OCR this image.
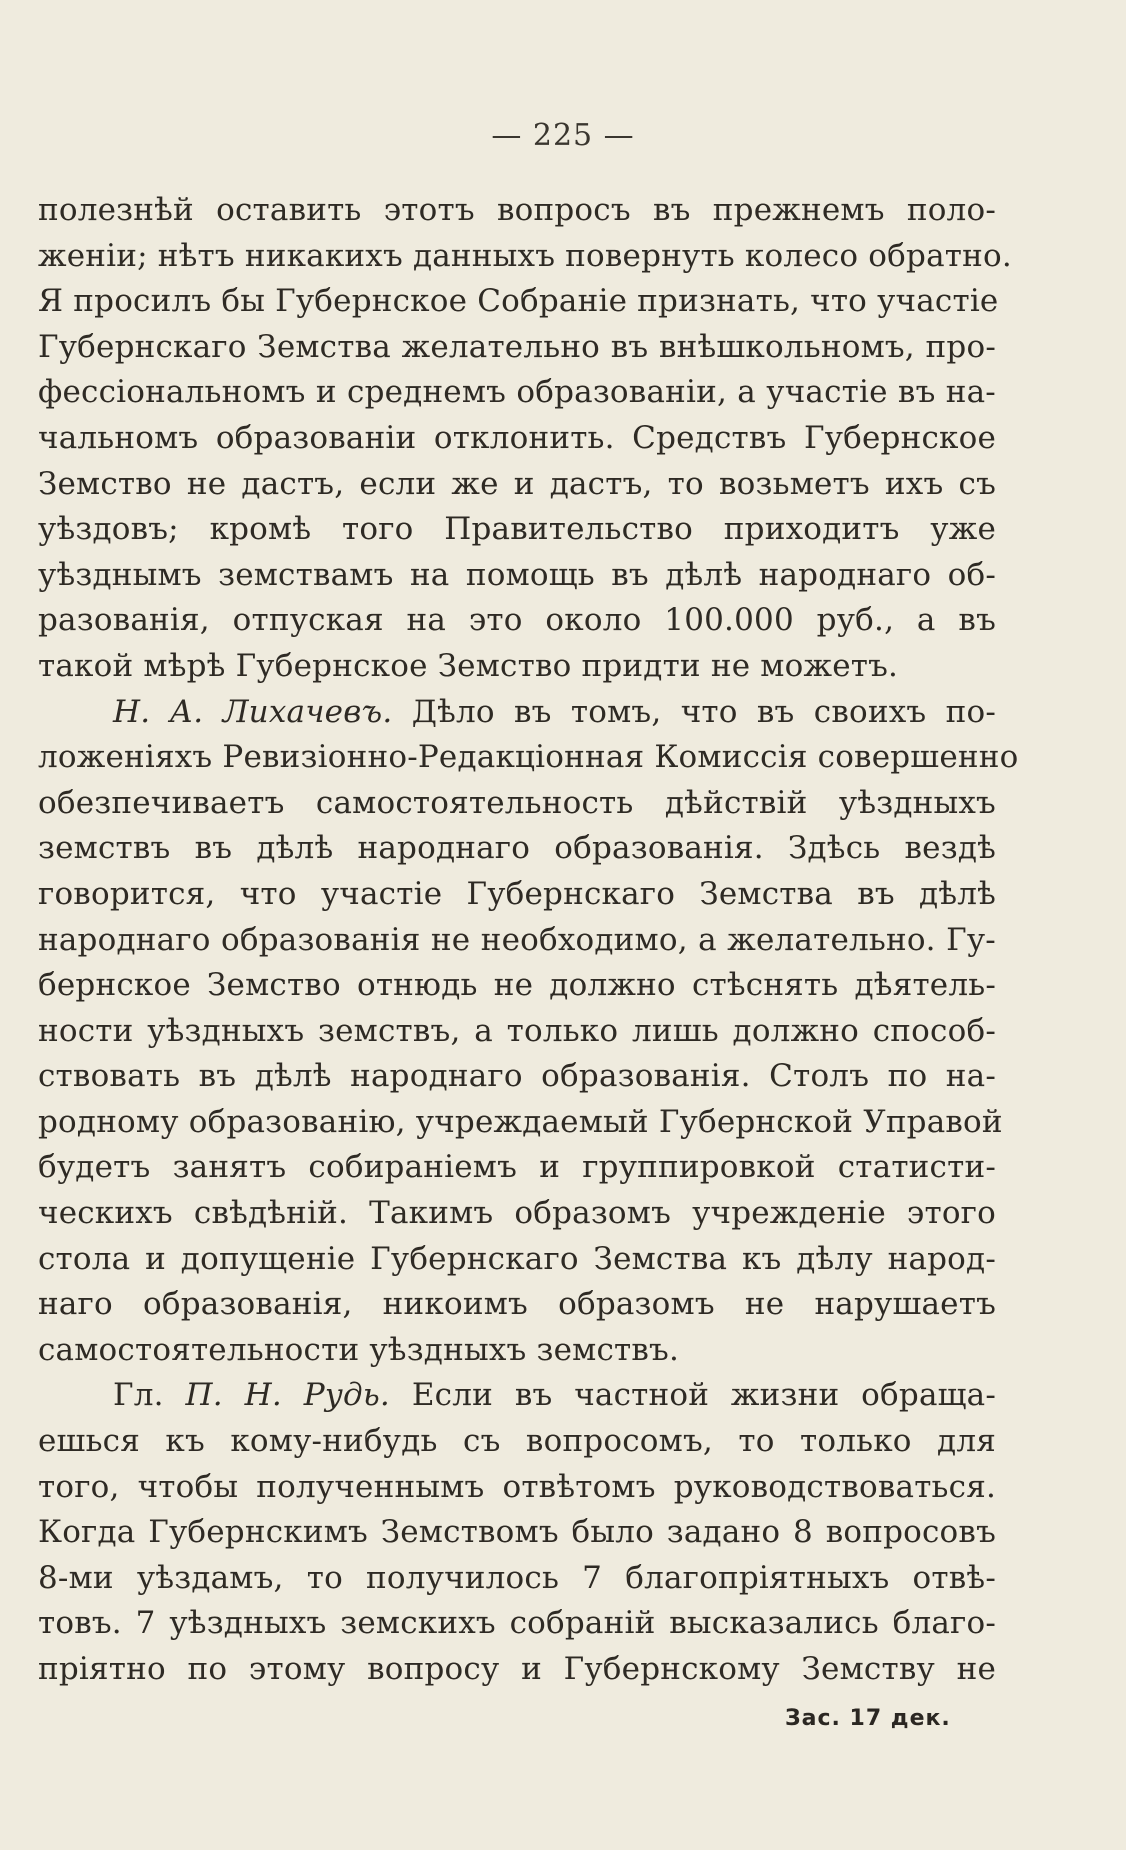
— 225 —
полезнѣй оставить этотъ вопросъ въ прежнемъ поло-
женіи; нѣтъ никакихъ данныхъ повернуть колесо обратно.
Я просилъ бы Губернское Собраніе признать, что участіе
Губернскаго Земства желательно въ внѣшкольномъ, про-
фессіональномъ и среднемъ образованіи, а участіе въ на-
чальномъ образованіи отклонить. Средствъ Губернское
Земство не дастъ, если же и дастъ, то возьметъ ихъ съ
уѣздовъ; кромѣ того Правительство приходитъ уже
уѣзднымъ земствамъ на помощь въ дѣлѣ народнаго об-
разованія, отпуская на это около 100.000 руб., а въ
такой мѣрѣ Губернское Земство придти не можетъ.
Н. А. Лихачевъ. Дѣло въ томъ, что въ своихъ по-
ложеніяхъ Ревизіонно-Редакціонная Комиссія совершенно
обезпечиваетъ самостоятельность дѣйствій уѣздныхъ
земствъ въ дѣлѣ народнаго образованія. Здѣсь вездѣ
говорится, что участіе Губернскаго Земства въ дѣлѣ
народнаго образованія не необходимо, а желательно. Гу-
бернское Земство отнюдь не должно стѣснять дѣятель-
ности уѣздныхъ земствъ, а только лишь должно способ-
ствовать въ дѣлѣ народнаго образованія. Столъ по на-
родному образованію, учреждаемый Губернской Управой
будетъ занятъ собираніемъ и группировкой статисти-
ческихъ свѣдѣній. Такимъ образомъ учрежденіе этого
стола и допущеніе Губернскаго Земства къ дѣлу народ-
наго образованія, никоимъ образомъ не нарушаетъ
самостоятельности уѣздныхъ земствъ.
Гл. П. Н. Рудь. Если въ частной жизни обраща-
ешься къ кому-нибудь съ вопросомъ, то только для
того, чтобы полученнымъ отвѣтомъ руководствоваться.
Когда Губернскимъ Земствомъ было задано 8 вопросовъ
8-ми уѣздамъ, то получилось 7 благопріятныхъ отвѣ-
товъ. 7 уѣздныхъ земскихъ собраній высказались благо-
пріятно по этому вопросу и Губернскому Земству не
Зас. 17 дек.
